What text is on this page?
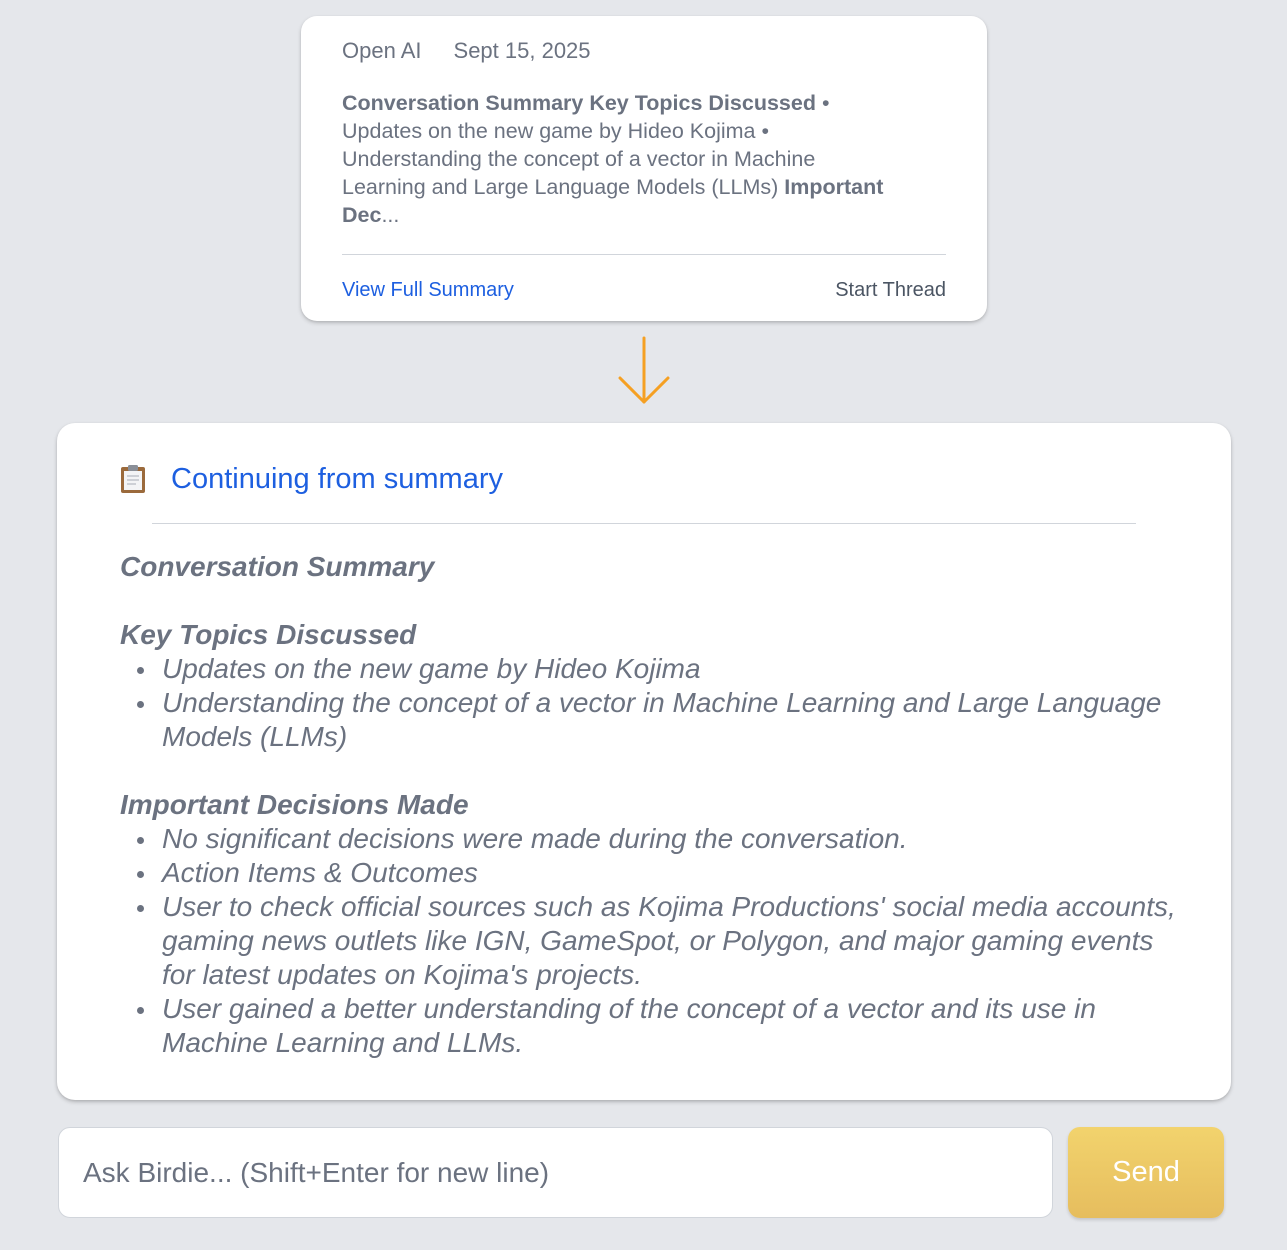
Open AI Sept 15, 2025
Conversation Summary Key Topics Discussed • Updates on the new game by Hideo Kojima • Understanding the concept of a vector in Machine Learning and Large Language Models (LLMs) Important Dec...
View Full Summary	Start Thread
Continuing from summary
Conversation Summary
Key Topics Discussed
Updates on the new game by Hideo Kojima
Understanding the concept of a vector in Machine Learning and Large Language Models (LLMs)
Important Decisions Made
No significant decisions were made during the conversation.
Action Items & Outcomes
User to check official sources such as Kojima Productions' social media accounts, gaming news outlets like IGN, GameSpot, or Polygon, and major gaming events for latest updates on Kojima's projects.
User gained a better understanding of the concept of a vector and its use in Machine Learning and LLMs.
Ask Birdie... (Shift+Enter for new line)
Send
